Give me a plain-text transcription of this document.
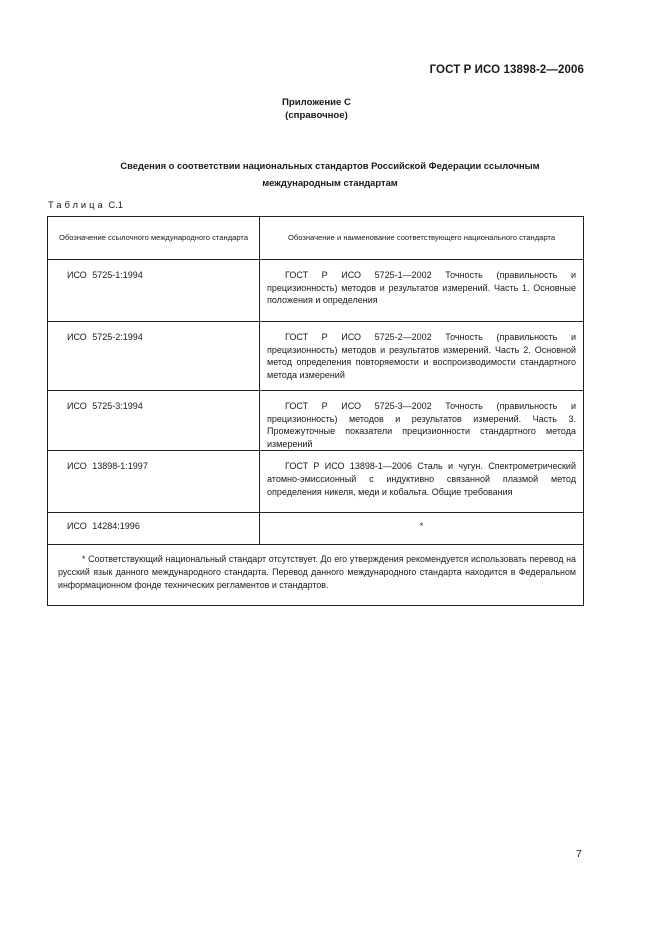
ГОСТ Р ИСО 13898-2—2006
Приложение С
(справочное)
Сведения о соответствии национальных стандартов Российской Федерации ссылочным
международным стандартам
Таблица С.1
Обозначение ссылочного международного стандарта	Обозначение и наименование соответствующего национального стандарта
ИСО 5725-1:1994	ГОСТ Р ИСО 5725-1—2002 Точность (правильность и прецизионность) методов и результатов измерений. Часть 1. Основные положения и определения

ИСО 5725-2:1994	ГОСТ Р ИСО 5725-2—2002 Точность (правильность и прецизионность) методов и результатов измерений. Часть 2. Основной метод определения повторяемости и воспроизводимости стандартного метода измерений

ИСО 5725-3:1994	ГОСТ Р ИСО 5725-3—2002 Точность (правильность и прецизионность) методов и результатов измерений. Часть 3. Промежуточные показатели прецизионности стандартного метода измерений

ИСО 13898-1:1997	ГОСТ Р ИСО 13898-1—2006 Сталь и чугун. Спектрометрический атомно-эмиссионный с индуктивно связанной плазмой метод определения никеля, меди и кобальта. Общие требования

ИСО 14284:1996	*

* Соответствующий национальный стандарт отсутствует. До его утверждения рекомендуется использовать перевод на русский язык данного международного стандарта. Перевод данного международного стандарта находится в Федеральном информационном фонде технических регламентов и стандартов.	
7
